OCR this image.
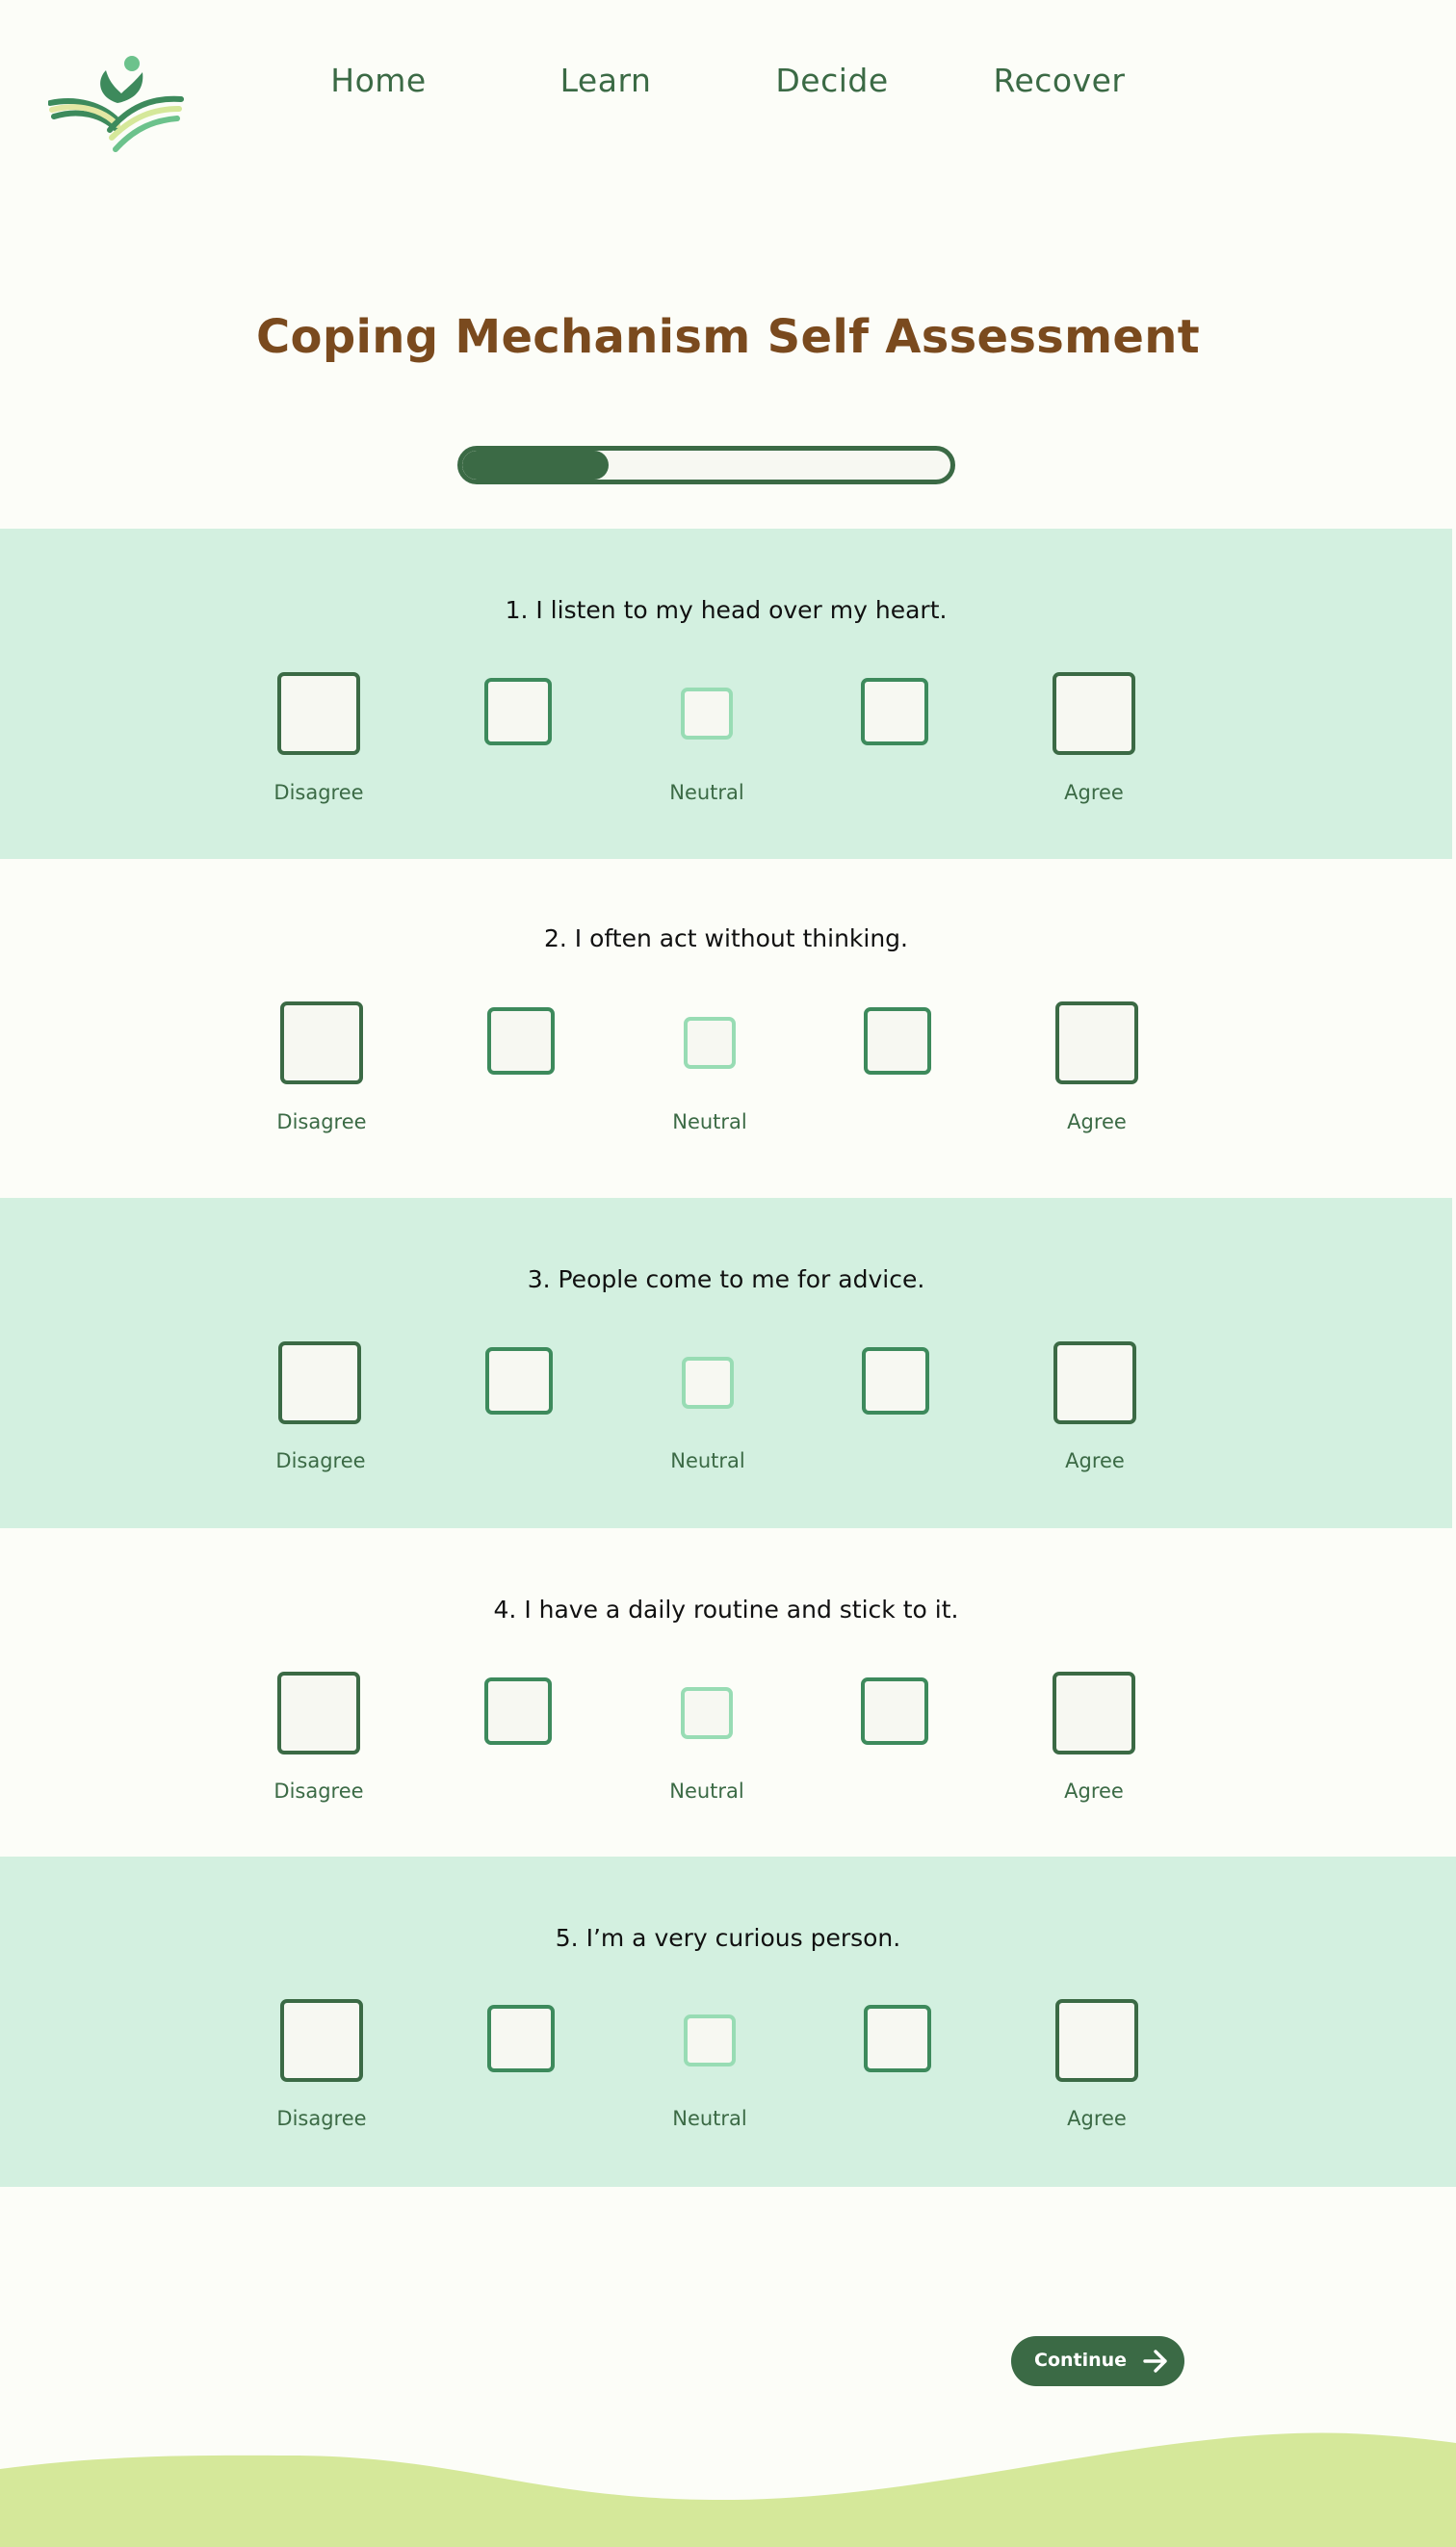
Home	Learn	Decide	Recover
Coping Mechanism Self Assessment
1. I listen to my head over my heart.
Disagree	Neutral	Agree
2. I often act without thinking.
Disagree	Neutral	Agree
3. People come to me for advice.
Disagree	Neutral	Agree
4. I have a daily routine and stick to it.
Disagree	Neutral	Agree
5. I’m a very curious person.
Disagree	Neutral	Agree
Continue
